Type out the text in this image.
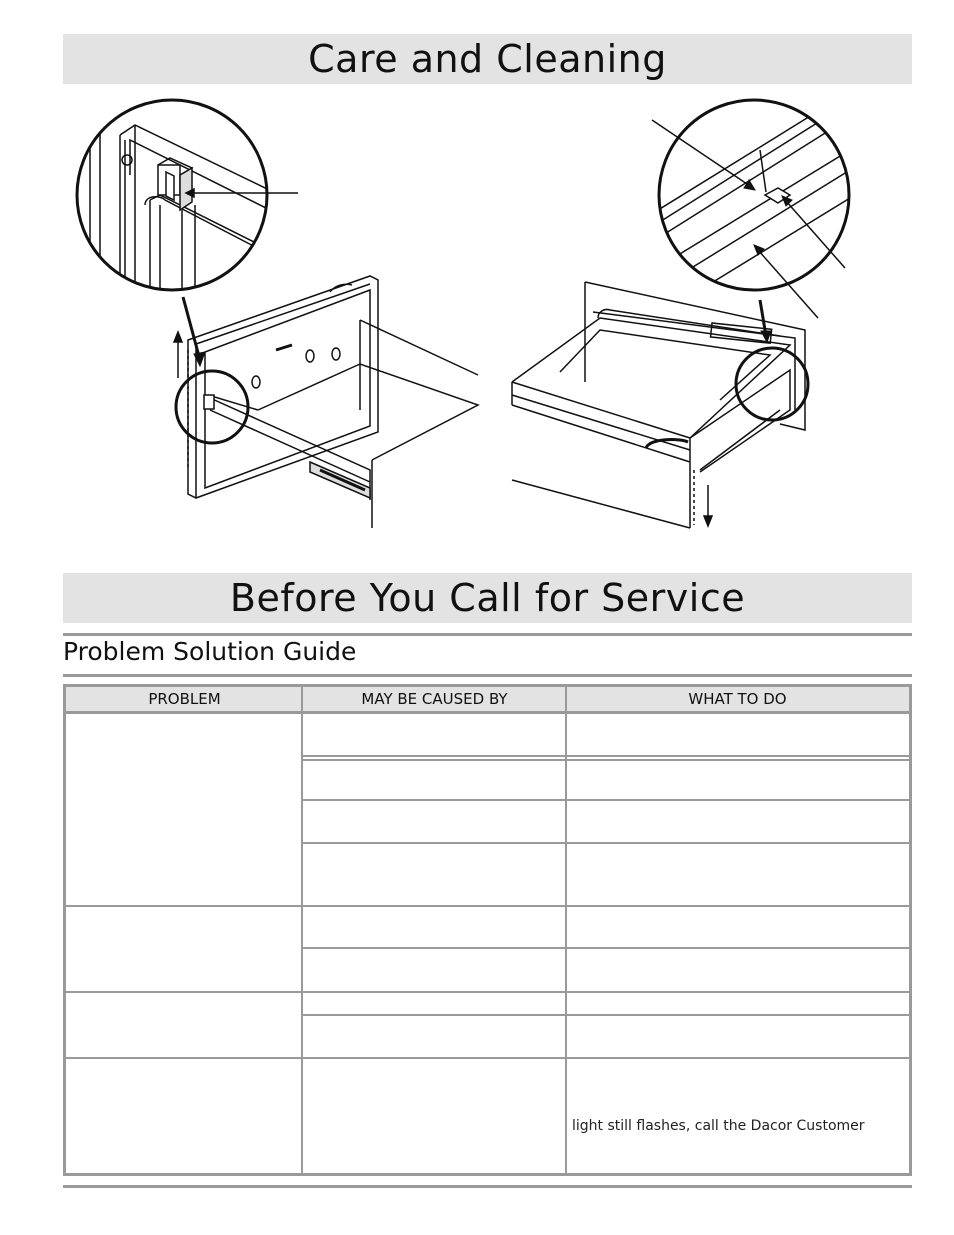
Care and Cleaning
Before You Call for Service
Problem Solution Guide
PROBLEM	MAY BE CAUSED BY	WHAT TO DO
light still flashes, call the Dacor Customer
